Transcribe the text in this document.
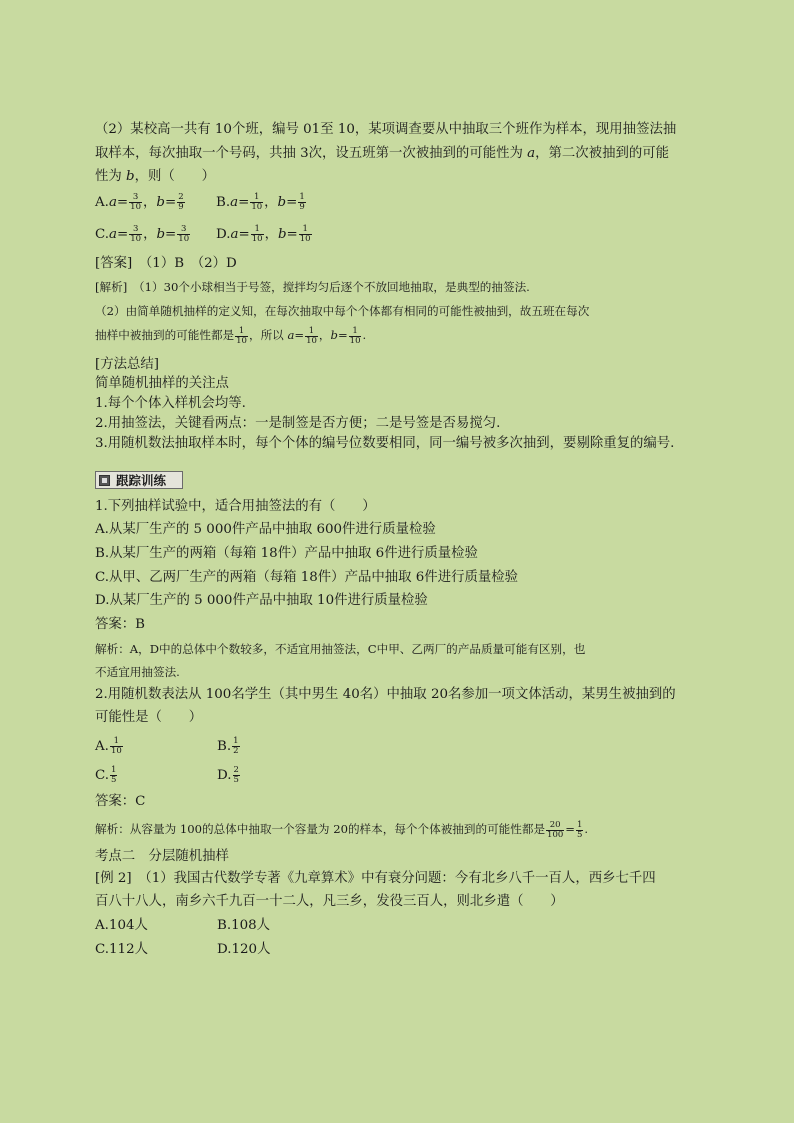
（2）某校高一共有 10个班，编号 01至 10，某项调查要从中抽取三个班作为样本，现用抽签法抽
取样本，每次抽取一个号码，共抽 3次，设五班第一次被抽到的可能性为 a，第二次被抽到的可能
性为 b，则（　　）
$A.a= \frac{3}{10}$ ，$b= \frac{2}{9} B.a= \frac{1}{10}$ ，$b= \frac{1}{9}$
$C.a= \frac{3}{10}$ ，$b= \frac{3}{10} D.a= \frac{1}{10}$ ，$b= \frac{1}{10}$
[答案]　（1）B　（2）D
[解析]　（1）30个小球相当于号签，搅拌均匀后逐个不放回地抽取，是典型的抽签法.
（2）由简单随机抽样的定义知，在每次抽取中每个个体都有相同的可能性被抽到，故五班在每次
抽样中被抽到的可能性都是 $\frac{1}{10}$ ，所以 $a= \frac{1}{10}$ ，$b= \frac{1}{10}$ .
[方法总结]
简单随机抽样的关注点
1.每个个体入样机会均等.
2.用抽签法，关键看两点：一是制签是否方便；二是号签是否易搅匀.
3.用随机数法抽取样本时，每个个体的编号位数要相同，同一编号被多次抽到，要剔除重复的编号.
跟踪训练
1.下列抽样试验中，适合用抽签法的有（　　）
A.从某厂生产的 5 000件产品中抽取 600件进行质量检验
B.从某厂生产的两箱（每箱 18件）产品中抽取 6件进行质量检验
C.从甲、乙两厂生产的两箱（每箱 18件）产品中抽取 6件进行质量检验
D.从某厂生产的 5 000件产品中抽取 10件进行质量检验
答案：B
解析：A，D中的总体中个数较多，不适宜用抽签法，C中甲、乙两厂的产品质量可能有区别，也
不适宜用抽签法.
2.用随机数表法从 100名学生（其中男生 40名）中抽取 20名参加一项文体活动，某男生被抽到的
可能性是（　　）
A. $\frac{1}{10}$	B. $\frac{1}{2}$
C. $\frac{1}{5}$	D. $\frac{2}{5}$
答案：C
解析：从容量为 100的总体中抽取一个容量为 20的样本，每个个体被抽到的可能性都是 $\frac{20}{100} = \frac{1}{5}$ .
考点二　分层随机抽样
[例 2]　（1）我国古代数学专著《九章算术》中有衰分问题：今有北乡八千一百人，西乡七千四
百八十八人，南乡六千九百一十二人，凡三乡，发役三百人，则北乡遣（　　）
A.104人	B.108人
C.112人	D.120人
